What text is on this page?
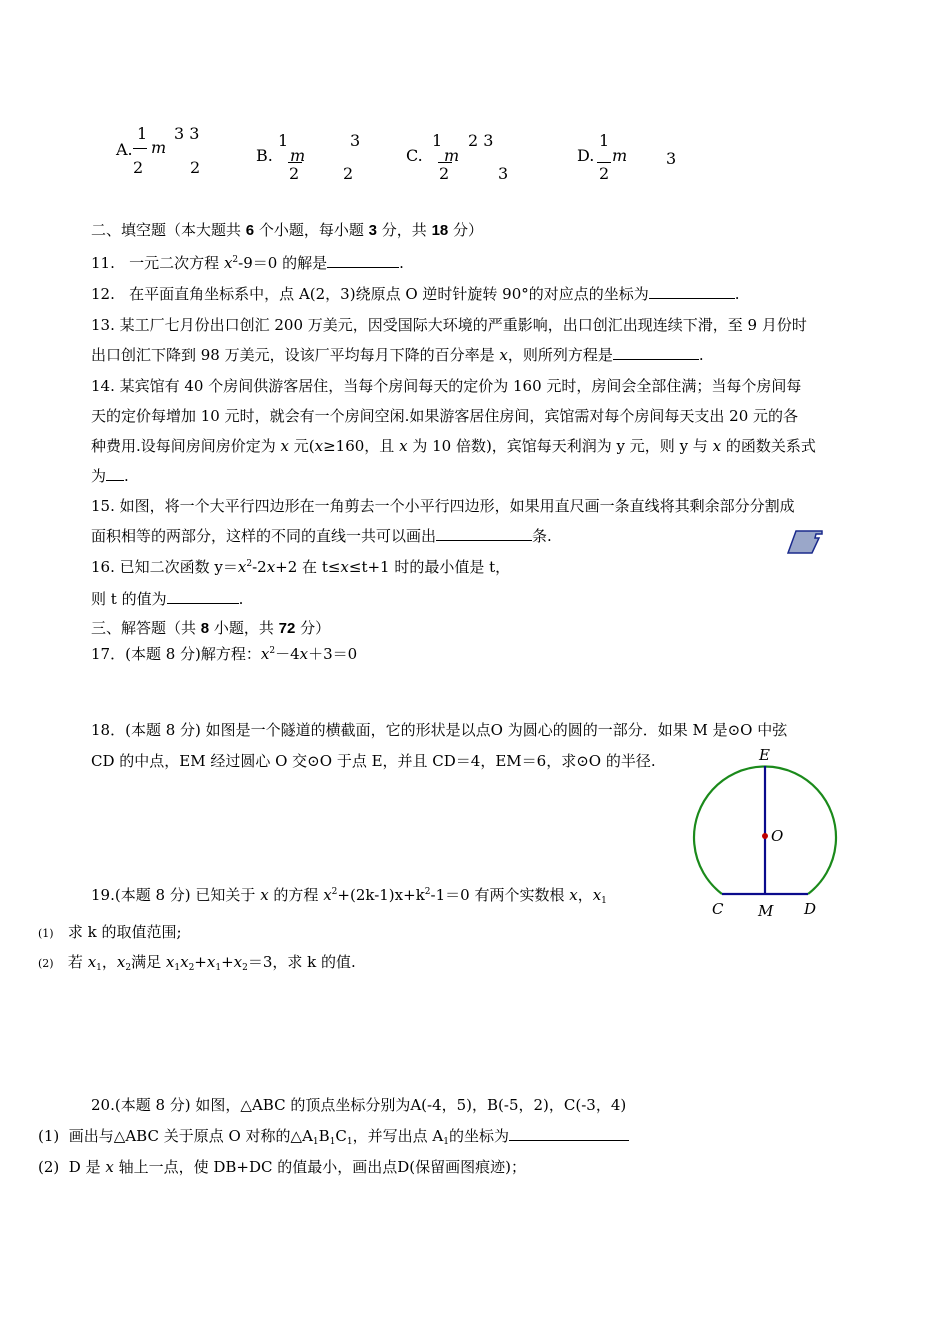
A.
1
2
m
3 3
2
B.
1
m
2
3
2
C.
1
m
2
2 3
3
D.
1
m
2
3
二、填空题（本大题共 6 个小题，每小题 3 分，共 18 分）
11. 一元二次方程 $x^2-9=0$ 的解是	.
12. 在平面直角坐标系中，点 A(2，3)绕原点 O 逆时针旋转 90°的对应点的坐标为	.
13. 某工厂七月份出口创汇 200 万美元，因受国际大环境的严重影响，出口创汇出现连续下滑，至 9 月份时
出口创汇下降到 98 万美元，设该厂平均每月下降的百分率是 x，则所列方程是	.
14. 某宾馆有 40 个房间供游客居住，当每个房间每天的定价为 160 元时，房间会全部住满；当每个房间每
天的定价每增加 10 元时，就会有一个房间空闲.如果游客居住房间，宾馆需对每个房间每天支出 20 元的各
种费用.设每间房间房价定为 x 元(x≥160，且 x 为 10 倍数)，宾馆每天利润为 y 元，则 y 与 x 的函数关系式
为 .
15. 如图，将一个大平行四边形在一角剪去一个小平行四边形，如果用直尺画一条直线将其剩余部分分割成
面积相等的两部分，这样的不同的直线一共可以画出	条.
16. 已知二次函数 $y=x^2-2x+2$ 在 t≤x≤t+1 时的最小值是 t，
则 t 的值为	.
三、解答题（共 8 小题，共 72 分）
17．(本题 8 分)解方程：$x^2-4x+3=0$
18．(本题 8 分) 如图是一个隧道的横截面，它的形状是以点O 为圆心的圆的一部分．如果 M 是⊙O 中弦
CD 的中点，EM 经过圆心 O 交⊙O 于点 E，并且 CD＝4，EM＝6，求⊙O 的半径.	E
O
C M D
19.(本题 8 分) 已知关于 x 的方程 $x^2+(2k-1)x+k^2-1=0$ 有两个实数根 x，$x_1$
(1) 求 k 的取值范围;
(2) 若 $x_1$，$x_2$满足 $x_1x_2+x_1+x_2=3$，求 k 的值.
20.(本题 8 分) 如图，△ABC 的顶点坐标分别为A(-4，5)，B(-5，2)，C(-3，4)
(1) 画出与△ABC 关于原点 O 对称的$\triangle A_1B_1C_1$，并写出点 $A_1$的坐标为
(2) D 是 x 轴上一点，使 DB+DC 的值最小，画出点D(保留画图痕迹)；
